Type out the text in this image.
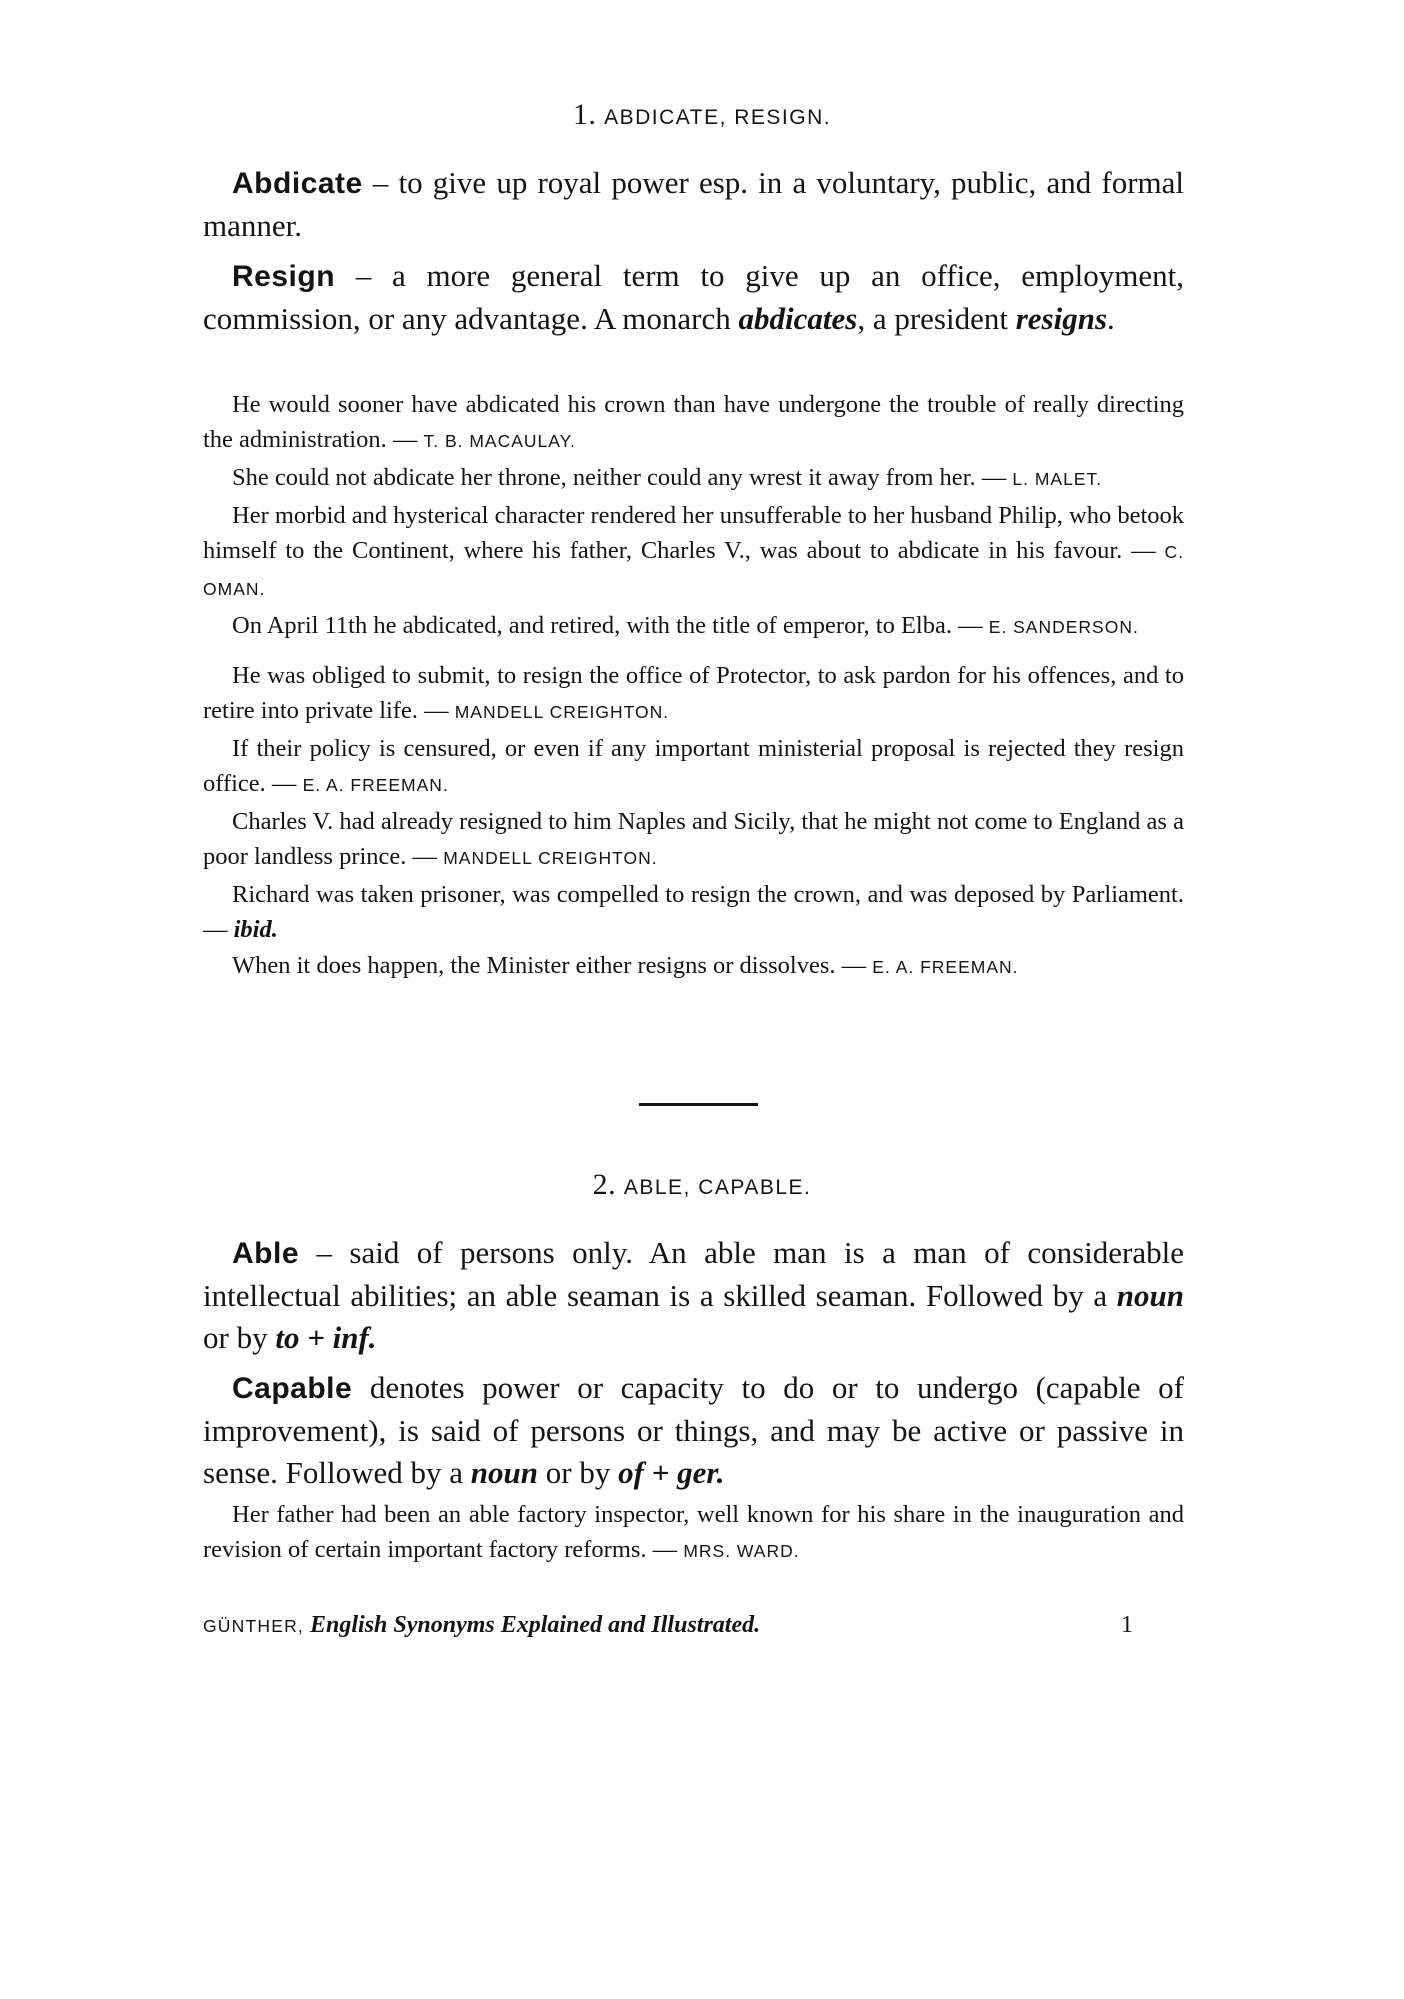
1. ABDICATE, RESIGN.

Abdicate – to give up royal power esp. in a voluntary, public, and formal manner.

Resign – a more general term to give up an office, employment, commission, or any advantage. A monarch abdicates, a president resigns.

He would sooner have abdicated his crown than have undergone the trouble of really directing the administration. — T. B. MACAULAY.

She could not abdicate her throne, neither could any wrest it away from her. — L. MALET.

Her morbid and hysterical character rendered her unsufferable to her husband Philip, who betook himself to the Continent, where his father, Charles V., was about to abdicate in his favour. — C. OMAN.

On April 11th he abdicated, and retired, with the title of emperor, to Elba. — E. SANDERSON.

He was obliged to submit, to resign the office of Protector, to ask pardon for his offences, and to retire into private life. — MANDELL CREIGHTON.

If their policy is censured, or even if any important ministerial proposal is rejected they resign office. — E. A. FREEMAN.

Charles V. had already resigned to him Naples and Sicily, that he might not come to England as a poor landless prince. — MANDELL CREIGHTON.

Richard was taken prisoner, was compelled to resign the crown, and was deposed by Parliament. — ibid.

When it does happen, the Minister either resigns or dissolves. — E. A. FREEMAN.

2. ABLE, CAPABLE.

Able – said of persons only. An able man is a man of considerable intellectual abilities; an able seaman is a skilled seaman. Followed by a noun or by to + inf.

Capable denotes power or capacity to do or to undergo (capable of improvement), is said of persons or things, and may be active or passive in sense. Followed by a noun or by of + ger.

Her father had been an able factory inspector, well known for his share in the inauguration and revision of certain important factory reforms. — MRS. WARD.

GÜNTHER, English Synonyms Explained and Illustrated.	1
